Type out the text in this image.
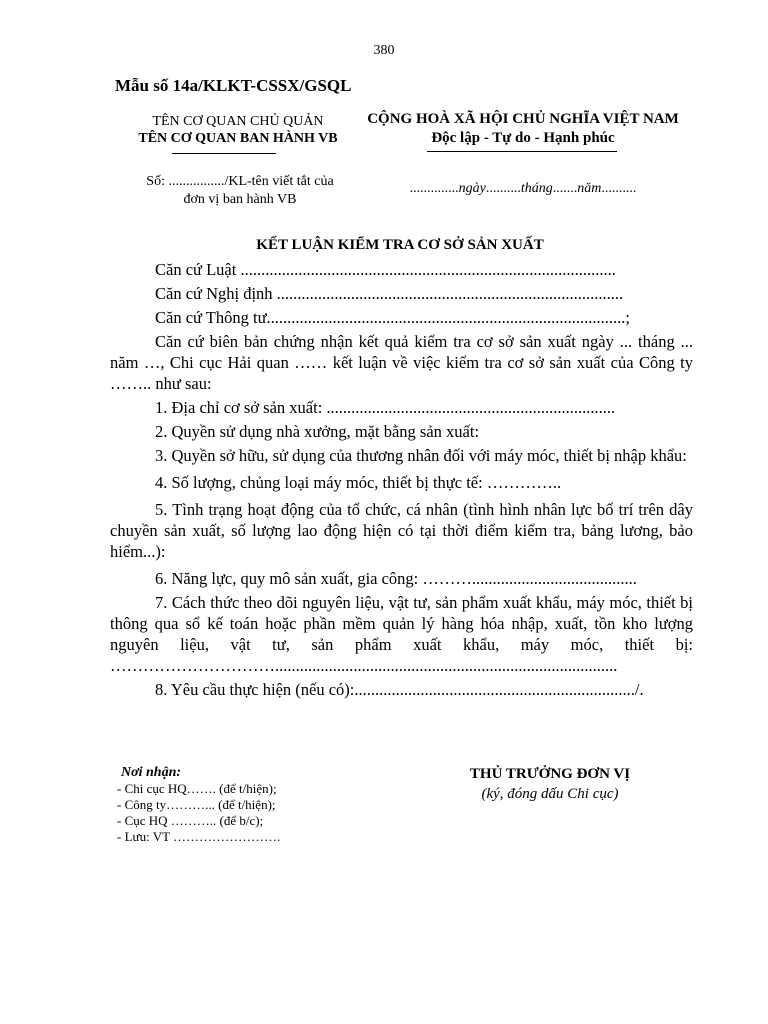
380
Mẫu số 14a/KLKT-CSSX/GSQL
TÊN CƠ QUAN CHỦ QUẢN
TÊN CƠ QUAN BAN HÀNH VB
CỘNG HOÀ XÃ HỘI CHỦ NGHĨA VIỆT NAM
Độc lập - Tự do - Hạnh phúc
Số: ................/KL-tên viết tắt của
đơn vị ban hành VB
..............ngày..........tháng.......năm..........
KẾT LUẬN KIỂM TRA CƠ SỞ SẢN XUẤT

Căn cứ Luật ...........................................................................................

Căn cứ Nghị định ....................................................................................

Căn cứ Thông tư.......................................................................................;

Căn cứ biên bản chứng nhận kết quả kiểm tra cơ sở sản xuất ngày ... tháng ... năm …, Chi cục Hải quan …… kết luận về việc kiểm tra cơ sở sản xuất của Công ty …….. như sau:

1. Địa chỉ cơ sở sản xuất: ......................................................................

2. Quyền sử dụng nhà xưởng, mặt bằng sản xuất:

3. Quyền sở hữu, sử dụng của thương nhân đối với máy móc, thiết bị nhập khẩu:

4. Số lượng, chủng loại máy móc, thiết bị thực tế: …………..

5. Tình trạng hoạt động của tổ chức, cá nhân (tình hình nhân lực bố trí trên dây chuyền sản xuất, số lượng lao động hiện có tại thời điểm kiểm tra, bảng lương, bảo hiểm...):

6. Năng lực, quy mô sản xuất, gia công: ………........................................

7. Cách thức theo dõi nguyên liệu, vật tư, sản phẩm xuất khẩu, máy móc, thiết bị thông qua sổ kế toán hoặc phần mềm quản lý hàng hóa nhập, xuất, tồn kho lượng nguyên liệu, vật tư, sản phẩm xuất khẩu, máy móc, thiết bị: …………………………...................................................................................

8. Yêu cầu thực hiện (nếu có):..................................................................../.

Nơi nhận:
- Chi cục HQ……. (để t/hiện);
- Công ty………... (để t/hiện);
- Cục HQ ……….. (để b/c);
- Lưu: VT …………………….
THỦ TRƯỞNG ĐƠN VỊ
(ký, đóng dấu Chi cục)
